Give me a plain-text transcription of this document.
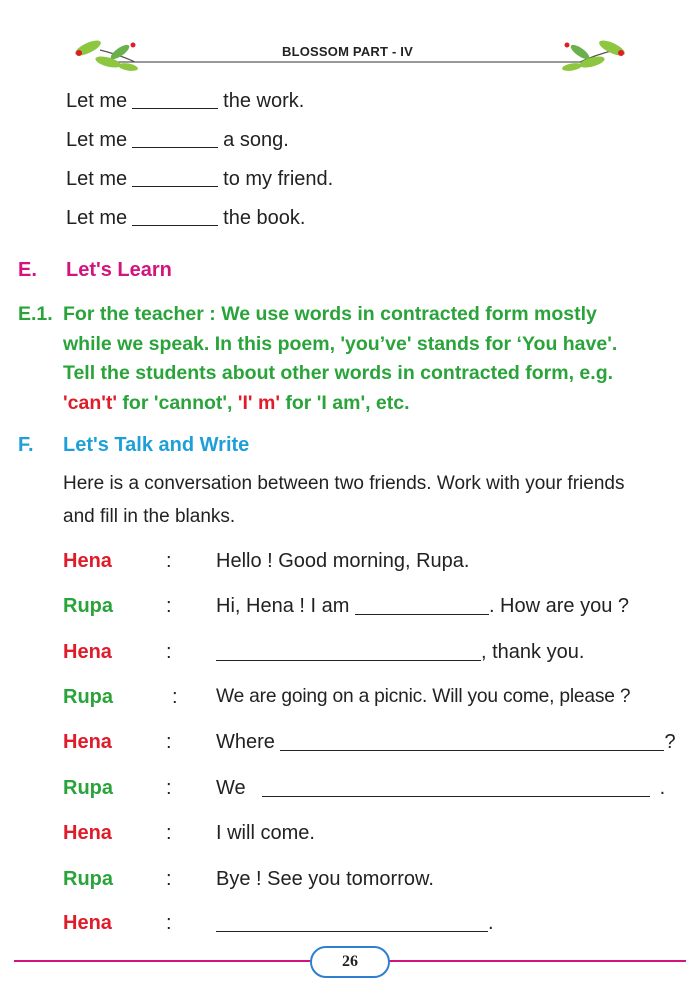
BLOSSOM PART - IV
Let me	the work.
Let me	a song.
Let me	to my friend.
Let me	the book.
E. Let's Learn
E.1. For the teacher : We use words in contracted form mostly
while we speak. In this poem, 'you’ve' stands for ‘You have'.
Tell the students about other words in contracted form, e.g.
'can't' for 'cannot', 'I' m' for 'I am', etc.
F. Let's Talk and Write
Here is a conversation between two friends. Work with your friends
and fill in the blanks.
Hena	: Hello ! Good morning, Rupa.
Rupa	: Hi, Hena ! I am	. How are you ?
Hena	:	, thank you.
Rupa	: We are going on a picnic. Will you come, please ?
Hena	: Where	?
Rupa	: We	.
Hena	: I will come.
Rupa	: Bye ! See you tomorrow.
Hena	:	.
26
